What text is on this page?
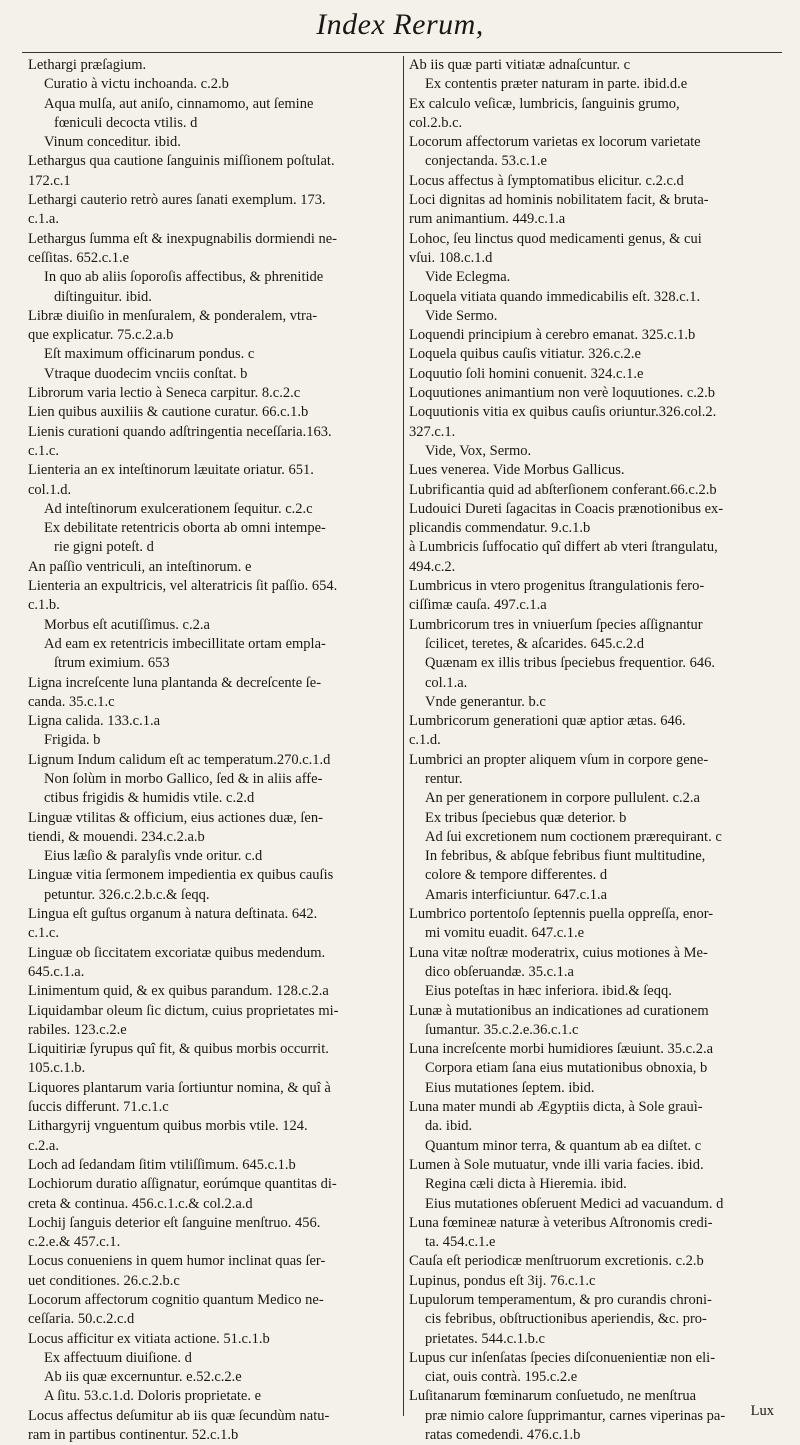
Index Rerum,
Lethargi præſagium.
Curatio à victu inchoanda. c.2.b
Aqua mulſa, aut aniſo, cinnamomo, aut ſemine
fœniculi decocta vtilis. d
Vinum conceditur. ibid.
Lethargus qua cautione ſanguinis miſſionem poſtulat.
172.c.1
Lethargi cauterio retrò aures ſanati exemplum. 173.
c.1.a.
Lethargus ſumma eſt & inexpugnabilis dormiendi ne-
ceſſitas. 652.c.1.e
In quo ab aliis ſoporoſis affectibus, & phrenitide
diſtinguitur. ibid.
Libræ diuiſio in menſuralem, & ponderalem, vtra-
que explicatur. 75.c.2.a.b
Eſt maximum officinarum pondus. c
Vtraque duodecim vnciis conſtat. b
Librorum varia lectio à Seneca carpitur. 8.c.2.c
Lien quibus auxiliis & cautione curatur. 66.c.1.b
Lienis curationi quando adſtringentia neceſſaria.163.
c.1.c.
Lienteria an ex inteſtinorum læuitate oriatur. 651.
col.1.d.
Ad inteſtinorum exulcerationem ſequitur. c.2.c
Ex debilitate retentricis oborta ab omni intempe-
rie gigni poteſt. d
An paſſio ventriculi, an inteſtinorum. e
Lienteria an expultricis, vel alteratricis ſit paſſio. 654.
c.1.b.
Morbus eſt acutiſſimus. c.2.a
Ad eam ex retentricis imbecillitate ortam empla-
ſtrum eximium. 653
Ligna increſcente luna plantanda & decreſcente ſe-
canda. 35.c.1.c
Ligna calida. 133.c.1.a
Frigida. b
Lignum Indum calidum eſt ac temperatum.270.c.1.d
Non ſolùm in morbo Gallico, ſed & in aliis affe-
ctibus frigidis & humidis vtile. c.2.d
Linguæ vtilitas & officium, eius actiones duæ, ſen-
tiendi, & mouendi. 234.c.2.a.b
Eius læſio & paralyſis vnde oritur. c.d
Linguæ vitia ſermonem impedientia ex quibus cauſis
petuntur. 326.c.2.b.c.& ſeqq.
Lingua eſt guſtus organum à natura deſtinata. 642.
c.1.c.
Linguæ ob ſiccitatem excoriatæ quibus medendum.
645.c.1.a.
Linimentum quid, & ex quibus parandum. 128.c.2.a
Liquidambar oleum ſic dictum, cuius proprietates mi-
rabiles. 123.c.2.e
Liquitiriæ ſyrupus quî fit, & quibus morbis occurrit.
105.c.1.b.
Liquores plantarum varia ſortiuntur nomina, & quî à
ſuccis differunt. 71.c.1.c
Lithargyrij vnguentum quibus morbis vtile. 124.
c.2.a.
Loch ad ſedandam ſitim vtiliſſimum. 645.c.1.b
Lochiorum duratio aſſignatur, eorúmque quantitas di-
creta & continua. 456.c.1.c.& col.2.a.d
Lochij ſanguis deterior eſt ſanguine menſtruo. 456.
c.2.e.& 457.c.1.
Locus conueniens in quem humor inclinat quas ſer-
uet conditiones. 26.c.2.b.c
Locorum affectorum cognitio quantum Medico ne-
ceſſaria. 50.c.2.c.d
Locus afficitur ex vitiata actione. 51.c.1.b
Ex affectuum diuiſione. d
Ab iis quæ excernuntur. e.52.c.2.e
A ſitu. 53.c.1.d. Doloris proprietate. e
Locus affectus deſumitur ab iis quæ ſecundùm natu-
ram in partibus continentur. 52.c.1.b
Ab iis quæ parti vitiatæ adnaſcuntur. c
Ex contentis præter naturam in parte. ibid.d.e
Ex calculo veſicæ, lumbricis, ſanguinis grumo,
col.2.b.c.
Locorum affectorum varietas ex locorum varietate
conjectanda. 53.c.1.e
Locus affectus à ſymptomatibus elicitur. c.2.c.d
Loci dignitas ad hominis nobilitatem facit, & bruta-
rum animantium. 449.c.1.a
Lohoc, ſeu linctus quod medicamenti genus, & cui
vſui. 108.c.1.d
Vide Eclegma.
Loquela vitiata quando immedicabilis eſt. 328.c.1.
Vide Sermo.
Loquendi principium à cerebro emanat. 325.c.1.b
Loquela quibus cauſis vitiatur. 326.c.2.e
Loquutio ſoli homini conuenit. 324.c.1.e
Loquutiones animantium non verè loquutiones. c.2.b
Loquutionis vitia ex quibus cauſis oriuntur.326.col.2.
327.c.1.
Vide, Vox, Sermo.
Lues venerea. Vide Morbus Gallicus.
Lubrificantia quid ad abſterſionem conferant.66.c.2.b
Ludouici Dureti ſagacitas in Coacis prænotionibus ex-
plicandis commendatur. 9.c.1.b
à Lumbricis ſuffocatio quî differt ab vteri ſtrangulatu,
494.c.2.
Lumbricus in vtero progenitus ſtrangulationis fero-
ciſſimæ cauſa. 497.c.1.a
Lumbricorum tres in vniuerſum ſpecies aſſignantur
ſcilicet, teretes, & aſcarides. 645.c.2.d
Quænam ex illis tribus ſpeciebus frequentior. 646.
col.1.a.
Vnde generantur. b.c
Lumbricorum generationi quæ aptior ætas. 646.
c.1.d.
Lumbrici an propter aliquem vſum in corpore gene-
rentur.
An per generationem in corpore pullulent. c.2.a
Ex tribus ſpeciebus quæ deterior. b
Ad ſui excretionem num coctionem prærequirant. c
In febribus, & abſque febribus fiunt multitudine,
colore & tempore differentes. d
Amaris interficiuntur. 647.c.1.a
Lumbrico portentoſo ſeptennis puella oppreſſa, enor-
mi vomitu euadit. 647.c.1.e
Luna vitæ noſtræ moderatrix, cuius motiones à Me-
dico obſeruandæ. 35.c.1.a
Eius poteſtas in hæc inferiora. ibid.& ſeqq.
Lunæ à mutationibus an indicationes ad curationem
ſumantur. 35.c.2.e.36.c.1.c
Luna increſcente morbi humidiores ſæuiunt. 35.c.2.a
Corpora etiam ſana eius mutationibus obnoxia, b
Eius mutationes ſeptem. ibid.
Luna mater mundi ab Ægyptiis dicta, à Sole grauì-
da. ibid.
Quantum minor terra, & quantum ab ea diſtet. c
Lumen à Sole mutuatur, vnde illi varia facies. ibid.
Regina cæli dicta à Hieremia. ibid.
Eius mutationes obſeruent Medici ad vacuandum. d
Luna fœmineæ naturæ à veteribus Aſtronomis credi-
ta. 454.c.1.e
Cauſa eſt periodicæ menſtruorum excretionis. c.2.b
Lupinus, pondus eſt 3ij. 76.c.1.c
Lupulorum temperamentum, & pro curandis chroni-
cis febribus, obſtructionibus aperiendis, &c. pro-
prietates. 544.c.1.b.c
Lupus cur inſenſatas ſpecies diſconuenientiæ non eli-
ciat, ouis contrà. 195.c.2.e
Luſitanarum fœminarum conſuetudo, ne menſtrua
præ nimio calore ſupprimantur, carnes viperinas pa-
ratas comedendi. 476.c.1.b
Lux
